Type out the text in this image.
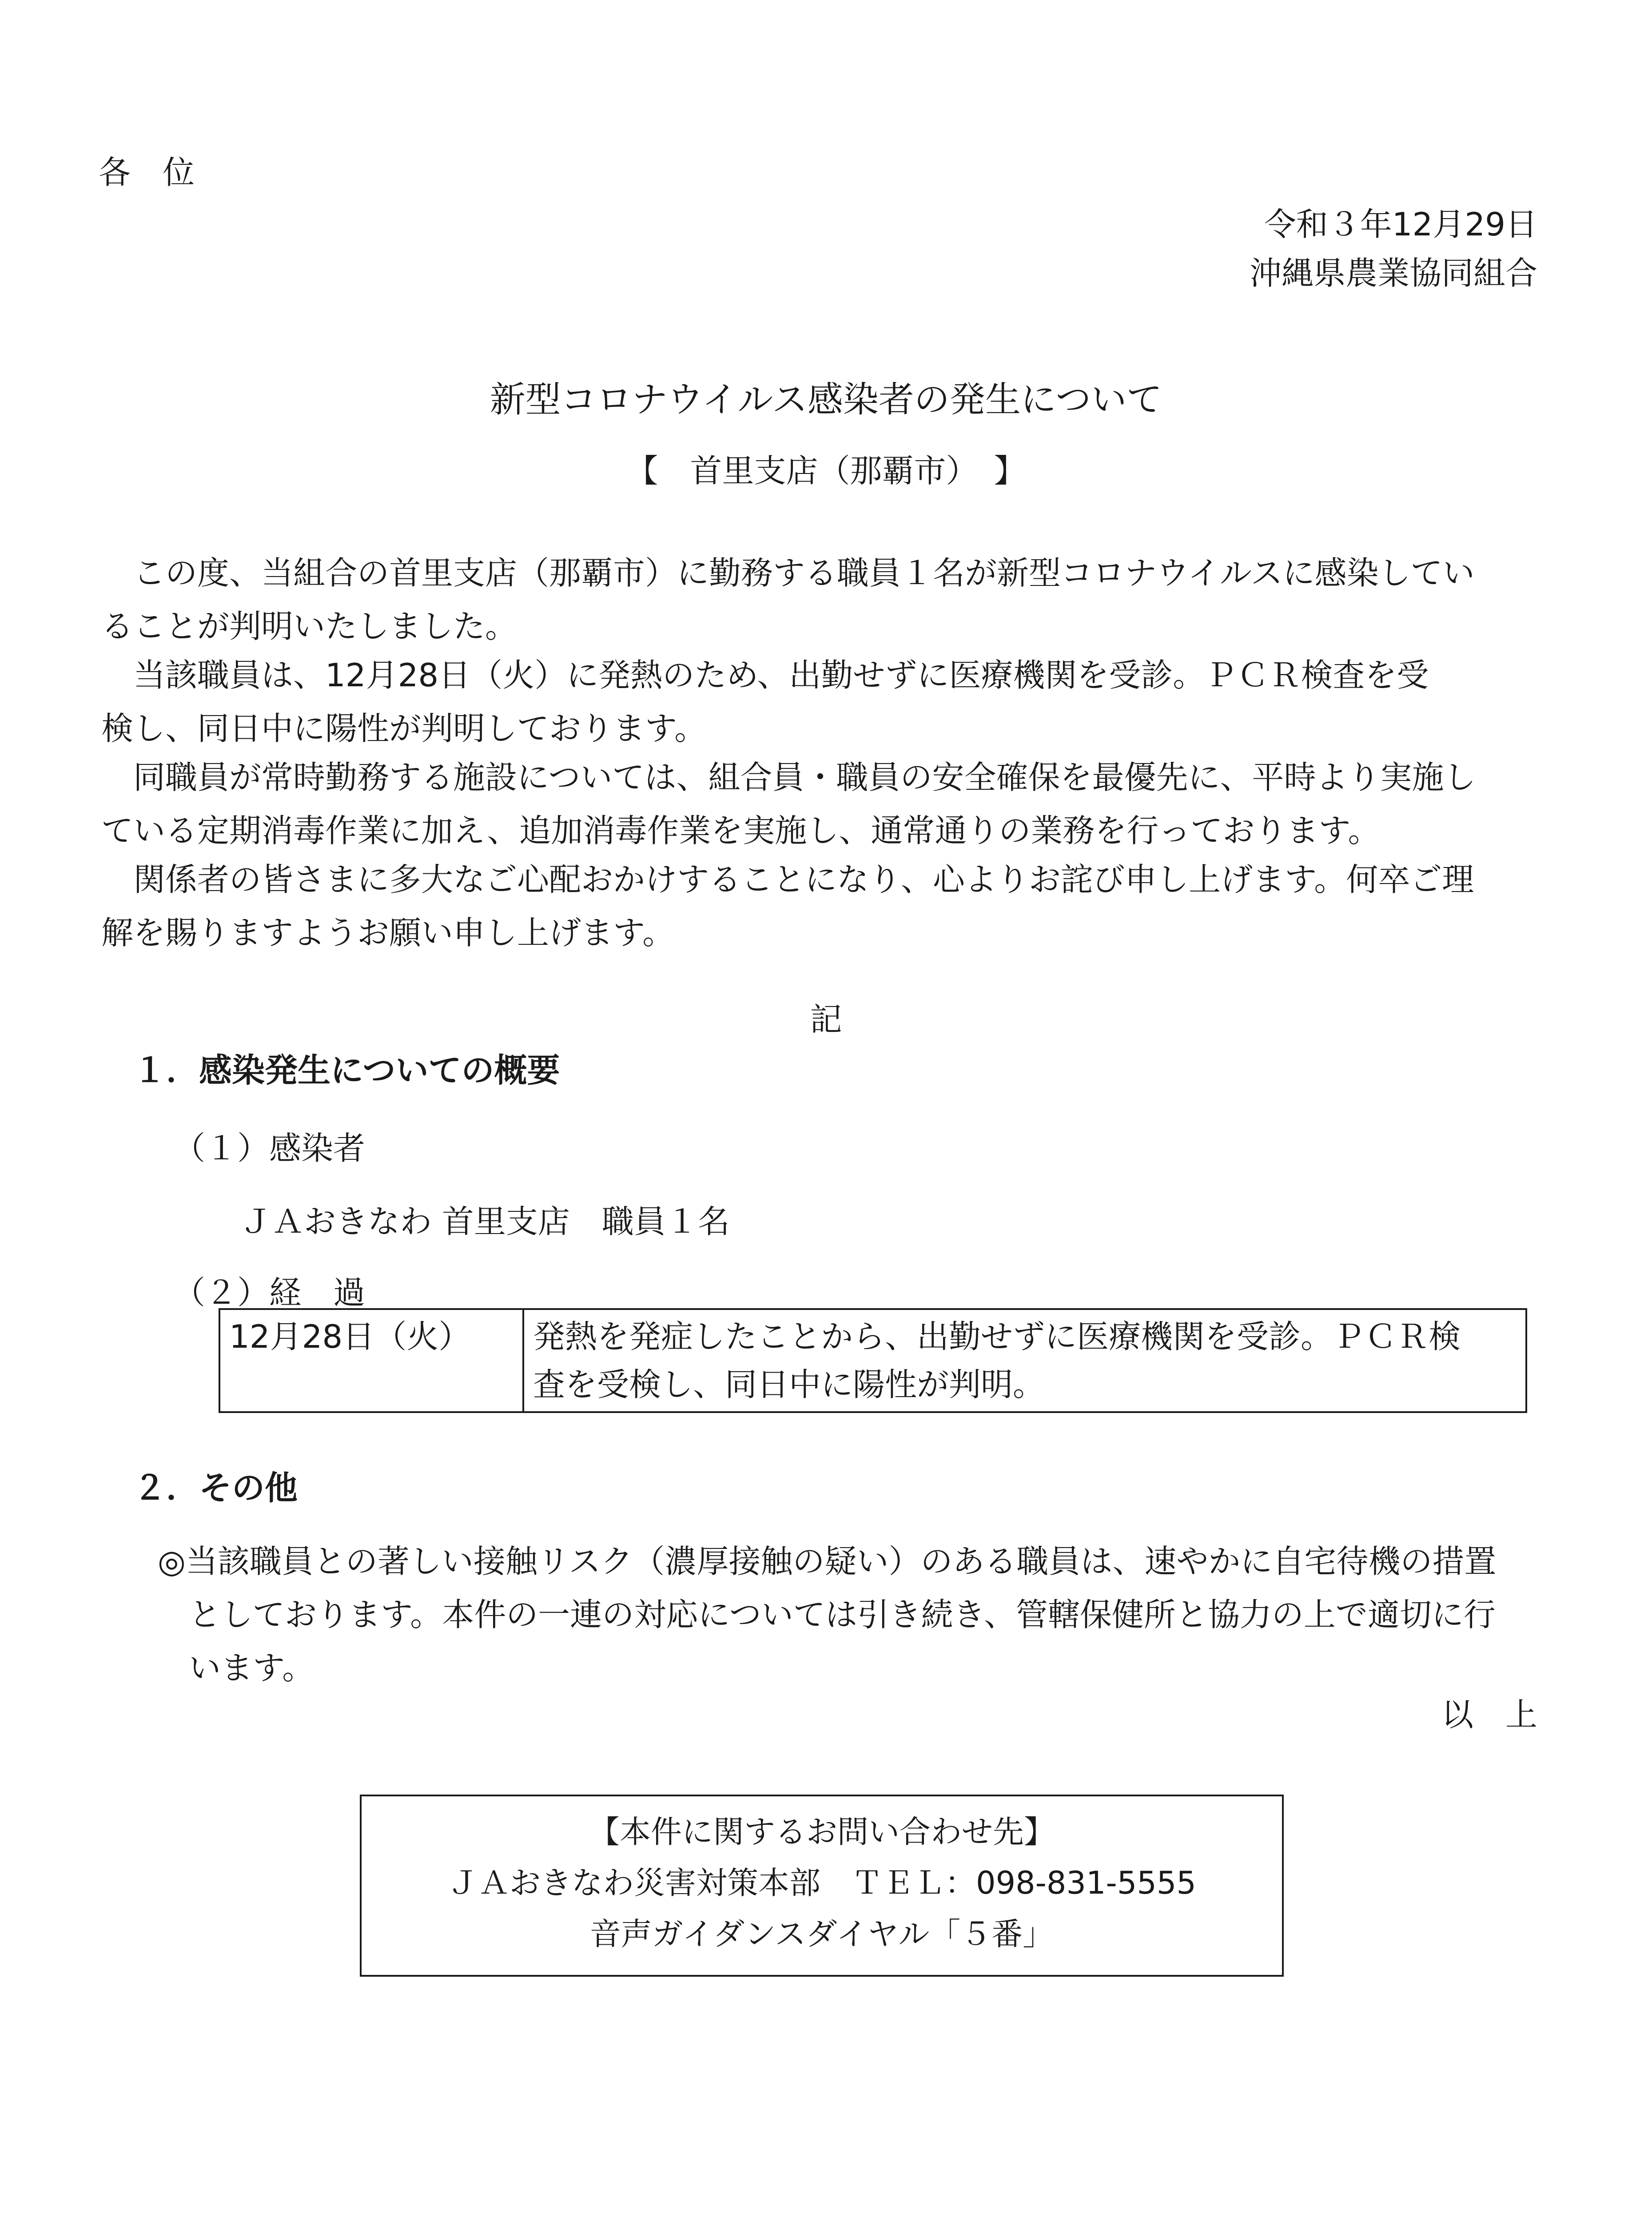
各　位
令和３年12月29日
沖縄県農業協同組合
新型コロナウイルス感染者の発生について
【　首里支店（那覇市）　】
　この度、当組合の首里支店（那覇市）に勤務する職員１名が新型コロナウイルスに感染してい
ることが判明いたしました。
　当該職員は、12月28日（火）に発熱のため、出勤せずに医療機関を受診。ＰＣＲ検査を受
検し、同日中に陽性が判明しております。
　同職員が常時勤務する施設については、組合員・職員の安全確保を最優先に、平時より実施し
ている定期消毒作業に加え、追加消毒作業を実施し、通常通りの業務を行っております。
　関係者の皆さまに多大なご心配おかけすることになり、心よりお詫び申し上げます。何卒ご理
解を賜りますようお願い申し上げます。
記
１．感染発生についての概要
（１）感染者
ＪＡおきなわ 首里支店　職員１名
（２）経　過
12月28日（火）	発熱を発症したことから、出勤せずに医療機関を受診。ＰＣＲ検
査を受検し、同日中に陽性が判明。
２．その他
◎当該職員との著しい接触リスク（濃厚接触の疑い）のある職員は、速やかに自宅待機の措置
としております。本件の一連の対応については引き続き、管轄保健所と協力の上で適切に行
います。
以　上
【本件に関するお問い合わせ先】
ＪＡおきなわ災害対策本部　ＴＥＬ：098-831-5555
音声ガイダンスダイヤル「５番」
